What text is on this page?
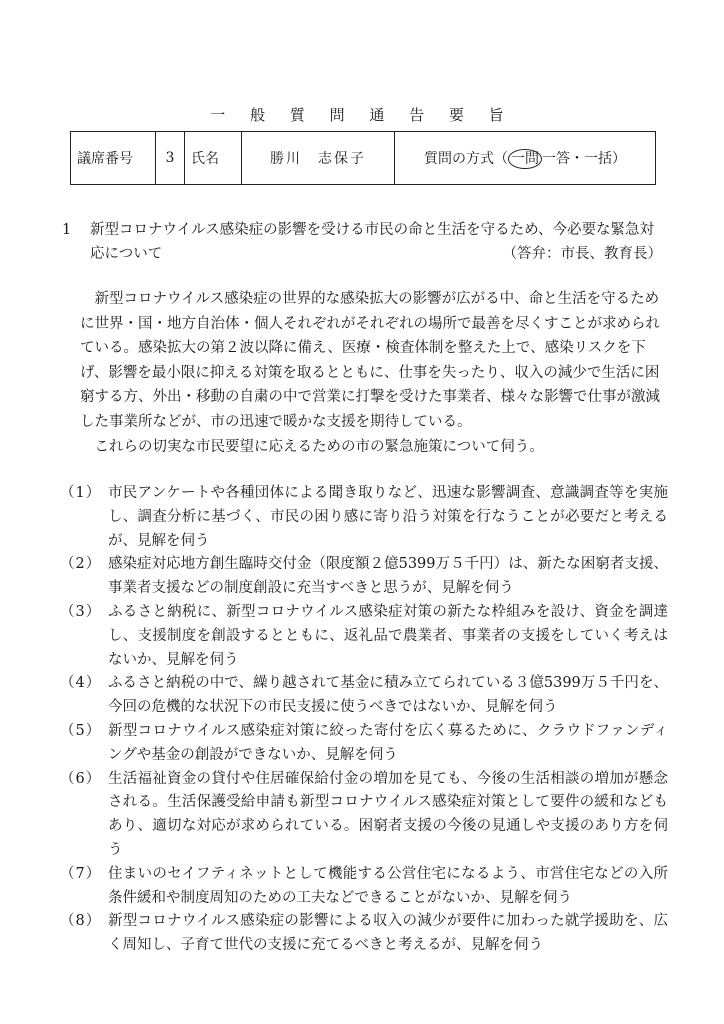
一 般 質 問 通 告 要 旨
議席番号	3	氏名	勝川　志保子	質問の方式（ 一問 一答・一括）
1 新型コロナウイルス感染症の影響を受ける市民の命と生活を守るため、今必要な緊急対応について	（答弁：市長、教育長）

新型コロナウイルス感染症の世界的な感染拡大の影響が広がる中、命と生活を守るために世界・国・地方自治体・個人それぞれがそれぞれの場所で最善を尽くすことが求められている。感染拡大の第２波以降に備え、医療・検査体制を整えた上で、感染リスクを下げ、影響を最小限に抑える対策を取るとともに、仕事を失ったり、収入の減少で生活に困窮する方、外出・移動の自粛の中で営業に打撃を受けた事業者、様々な影響で仕事が激減した事業所などが、市の迅速で暖かな支援を期待している。

これらの切実な市民要望に応えるための市の緊急施策について伺う。

（1） 市民アンケートや各種団体による聞き取りなど、迅速な影響調査、意識調査等を実施し、調査分析に基づく、市民の困り感に寄り沿う対策を行なうことが必要だと考えるが、見解を伺う
（2） 感染症対応地方創生臨時交付金（限度額２億5399万５千円）は、新たな困窮者支援、事業者支援などの制度創設に充当すべきと思うが、見解を伺う
（3） ふるさと納税に、新型コロナウイルス感染症対策の新たな枠組みを設け、資金を調達し、支援制度を創設するとともに、返礼品で農業者、事業者の支援をしていく考えはないか、見解を伺う
（4） ふるさと納税の中で、繰り越されて基金に積み立てられている３億5399万５千円を、今回の危機的な状況下の市民支援に使うべきではないか、見解を伺う
（5） 新型コロナウイルス感染症対策に絞った寄付を広く募るために、クラウドファンディングや基金の創設ができないか、見解を伺う
（6） 生活福祉資金の貸付や住居確保給付金の増加を見ても、今後の生活相談の増加が懸念される。生活保護受給申請も新型コロナウイルス感染症対策として要件の緩和などもあり、適切な対応が求められている。困窮者支援の今後の見通しや支援のあり方を伺う
（7） 住まいのセイフティネットとして機能する公営住宅になるよう、市営住宅などの入所条件緩和や制度周知のための工夫などできることがないか、見解を伺う
（8） 新型コロナウイルス感染症の影響による収入の減少が要件に加わった就学援助を、広く周知し、子育て世代の支援に充てるべきと考えるが、見解を伺う
